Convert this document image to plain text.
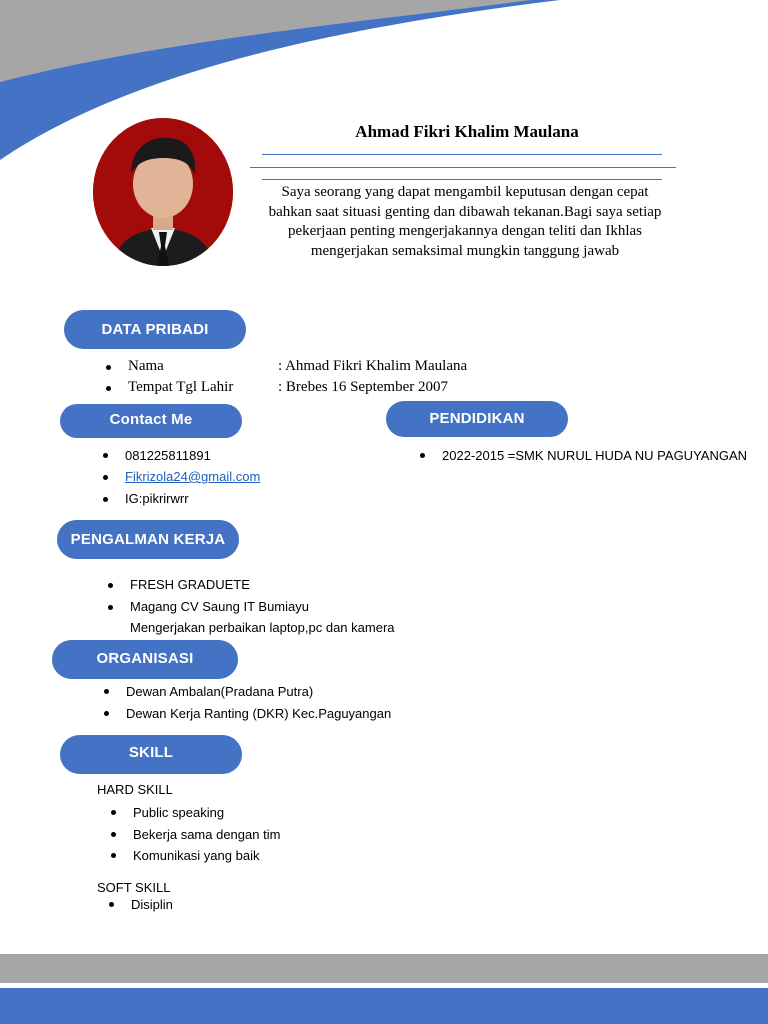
Ahmad Fikri Khalim Maulana
Saya seorang yang dapat mengambil keputusan dengan cepat
bahkan saat situasi genting dan dibawah tekanan.Bagi saya setiap
pekerjaan penting mengerjakannya dengan teliti dan Ikhlas
mengerjakan semaksimal mungkin tanggung jawab
DATA PRIBADI
Nama	: Ahmad Fikri Khalim Maulana
Tempat Tgl Lahir	: Brebes 16 September 2007
Contact Me
081225811891
Fikrizola24@gmail.com
IG:pikrirwrr
PENDIDIKAN
2022-2015 =SMK NURUL HUDA NU PAGUYANGAN
PENGALMAN KERJA
FRESH GRADUETE
Magang CV Saung IT Bumiayu
Mengerjakan perbaikan laptop,pc dan kamera
ORGANISASI
Dewan Ambalan(Pradana Putra)
Dewan Kerja Ranting (DKR) Kec.Paguyangan
SKILL
HARD SKILL
Public speaking
Bekerja sama dengan tim
Komunikasi yang baik
SOFT SKILL
Disiplin
